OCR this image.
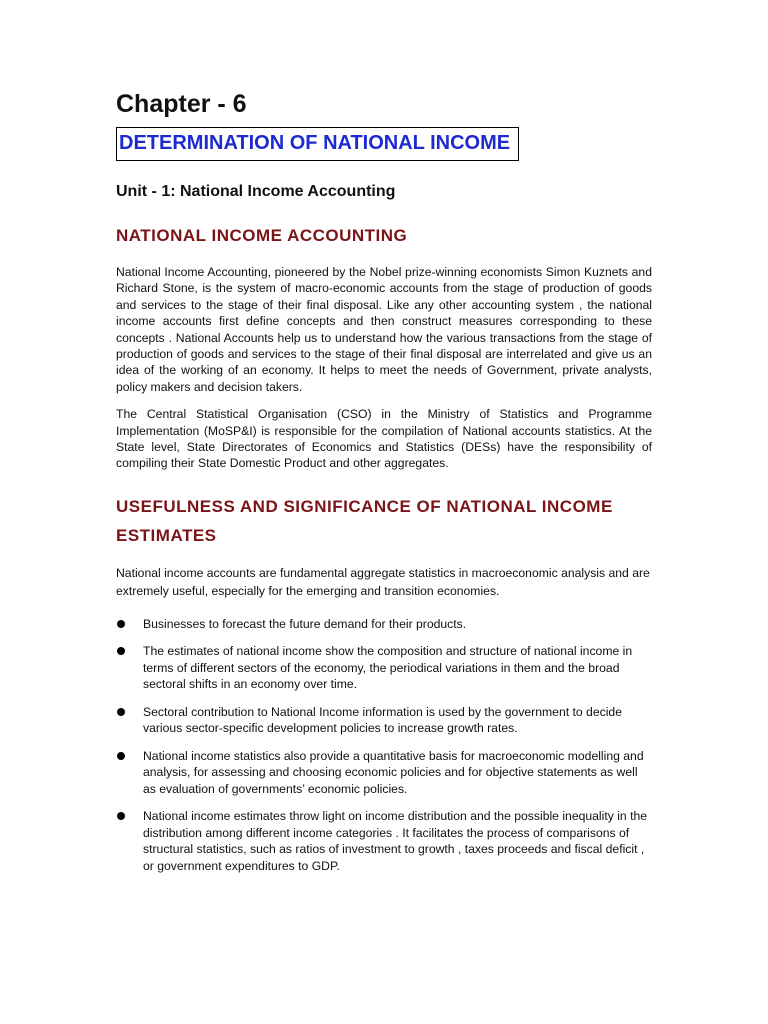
Chapter - 6
DETERMINATION OF NATIONAL INCOME
Unit - 1: National Income Accounting
NATIONAL INCOME ACCOUNTING

National Income Accounting, pioneered by the Nobel prize-winning economists Simon Kuznets and Richard Stone, is the system of macro-economic accounts from the stage of production of goods and services to the stage of their final disposal. Like any other accounting system , the national income accounts first define concepts and then construct measures corresponding to these concepts . National Accounts help us to understand how the various transactions from the stage of production of goods and services to the stage of their final disposal are interrelated and give us an idea of the working of an economy. It helps to meet the needs of Government, private analysts, policy makers and decision takers.

The Central Statistical Organisation (CSO) in the Ministry of Statistics and Programme Implementation (MoSP&I) is responsible for the compilation of National accounts statistics. At the State level, State Directorates of Economics and Statistics (DESs) have the responsibility of compiling their State Domestic Product and other aggregates.

USEFULNESS AND SIGNIFICANCE OF NATIONAL INCOME ESTIMATES

National income accounts are fundamental aggregate statistics in macroeconomic analysis and are extremely useful, especially for the emerging and transition economies.

Businesses to forecast the future demand for their products.
The estimates of national income show the composition and structure of national income in terms of different sectors of the economy, the periodical variations in them and the broad sectoral shifts in an economy over time.
Sectoral contribution to National Income information is used by the government to decide various sector-specific development policies to increase growth rates.
National income statistics also provide a quantitative basis for macroeconomic modelling and analysis, for assessing and choosing economic policies and for objective statements as well as evaluation of governments’ economic policies.
National income estimates throw light on income distribution and the possible inequality in the distribution among different income categories . It facilitates the process of comparisons of structural statistics, such as ratios of investment to growth , taxes proceeds and fiscal deficit , or government expenditures to GDP.
